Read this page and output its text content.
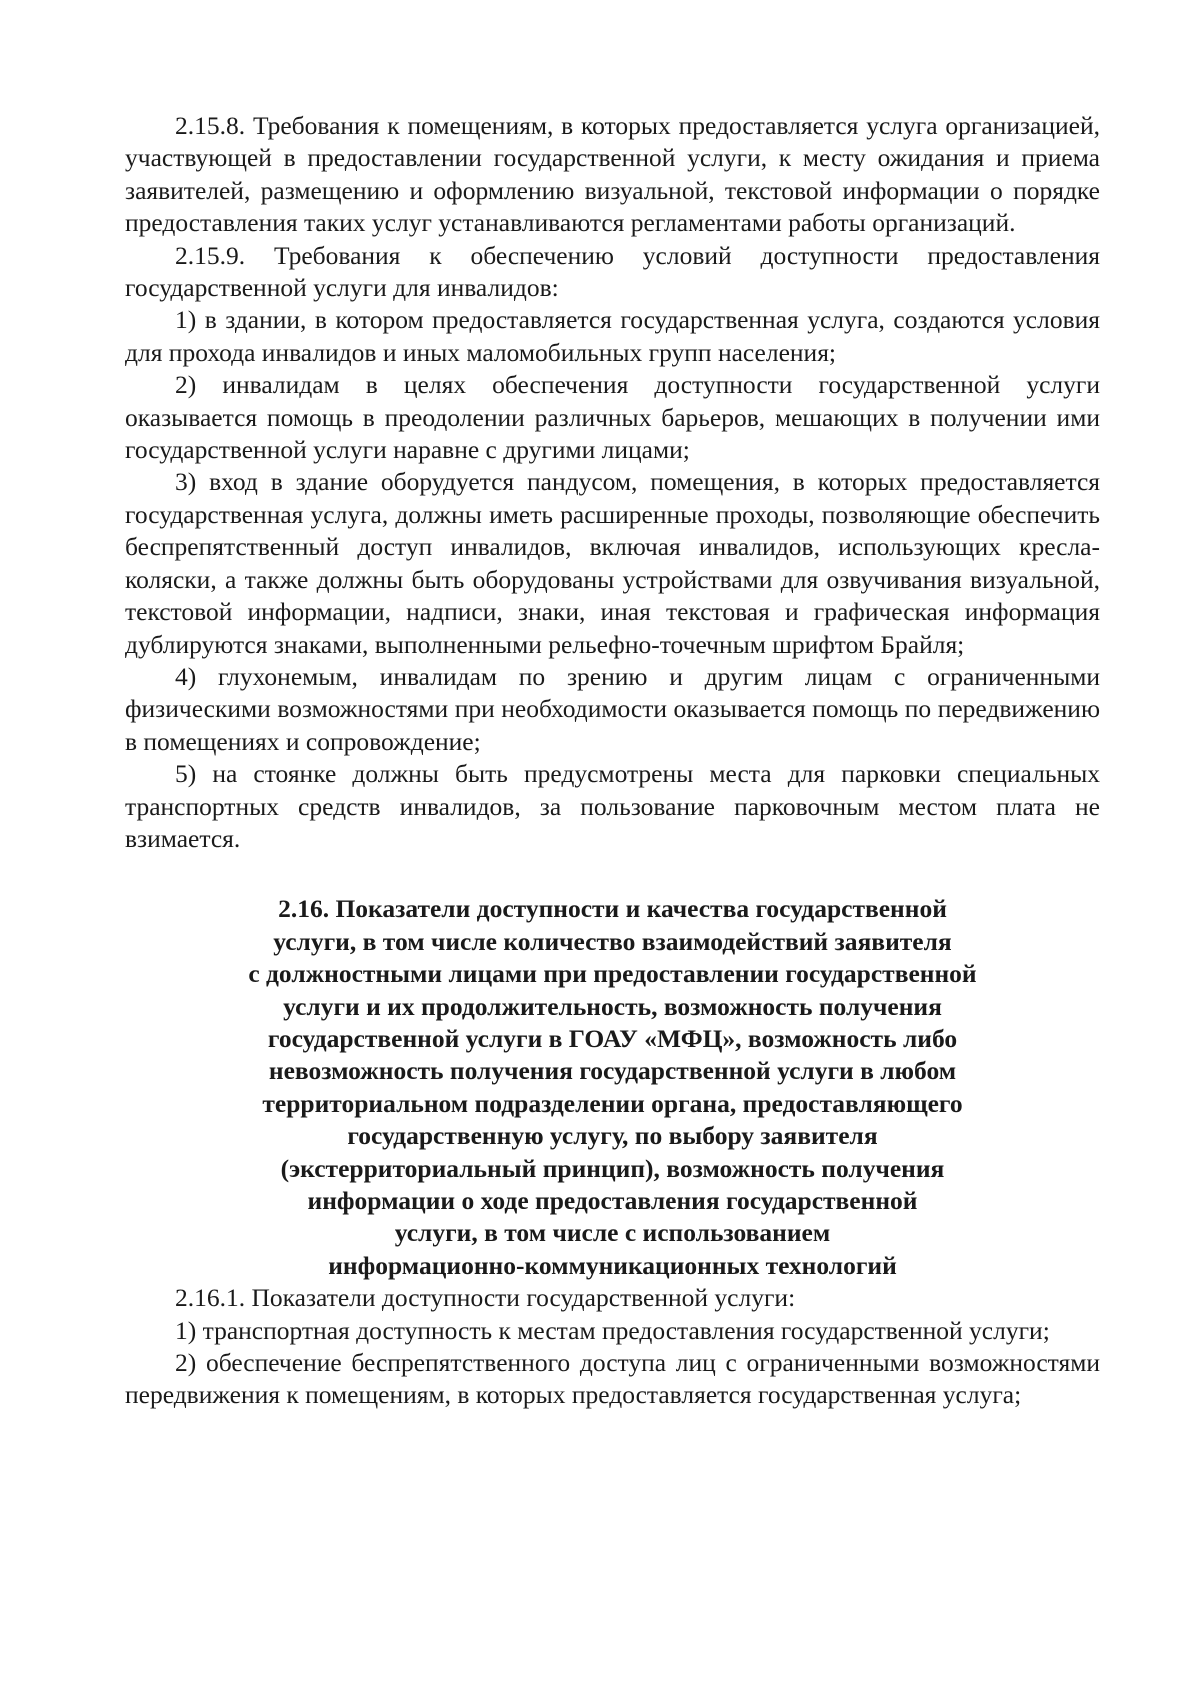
2.15.8. Требования к помещениям, в которых предоставляется услуга организацией, участвующей в предоставлении государственной услуги, к месту ожидания и приема заявителей, размещению и оформлению визуальной, текстовой информации о порядке предоставления таких услуг устанавливаются регламентами работы организаций.

2.15.9. Требования к обеспечению условий доступности предоставления государственной услуги для инвалидов:

1) в здании, в котором предоставляется государственная услуга, создаются условия для прохода инвалидов и иных маломобильных групп населения;

2) инвалидам в целях обеспечения доступности государственной услуги оказывается помощь в преодолении различных барьеров, мешающих в получении ими государственной услуги наравне с другими лицами;

3) вход в здание оборудуется пандусом, помещения, в которых предоставляется государственная услуга, должны иметь расширенные проходы, позволяющие обеспечить беспрепятственный доступ инвалидов, включая инвалидов, использующих кресла-коляски, а также должны быть оборудованы устройствами для озвучивания визуальной, текстовой информации, надписи, знаки, иная текстовая и графическая информация дублируются знаками, выполненными рельефно-точечным шрифтом Брайля;

4) глухонемым, инвалидам по зрению и другим лицам с ограниченными физическими возможностями при необходимости оказывается помощь по передвижению в помещениях и сопровождение;

5) на стоянке должны быть предусмотрены места для парковки специальных транспортных средств инвалидов, за пользование парковочным местом плата не взимается.

2.16. Показатели доступности и качества государственной
услуги, в том числе количество взаимодействий заявителя
с должностными лицами при предоставлении государственной
услуги и их продолжительность, возможность получения
государственной услуги в ГОАУ «МФЦ», возможность либо
невозможность получения государственной услуги в любом
территориальном подразделении органа, предоставляющего
государственную услугу, по выбору заявителя
(экстерриториальный принцип), возможность получения
информации о ходе предоставления государственной
услуги, в том числе с использованием
информационно-коммуникационных технологий

2.16.1. Показатели доступности государственной услуги:

1) транспортная доступность к местам предоставления государственной услуги;

2) обеспечение беспрепятственного доступа лиц с ограниченными возможностями передвижения к помещениям, в которых предоставляется государственная услуга;
